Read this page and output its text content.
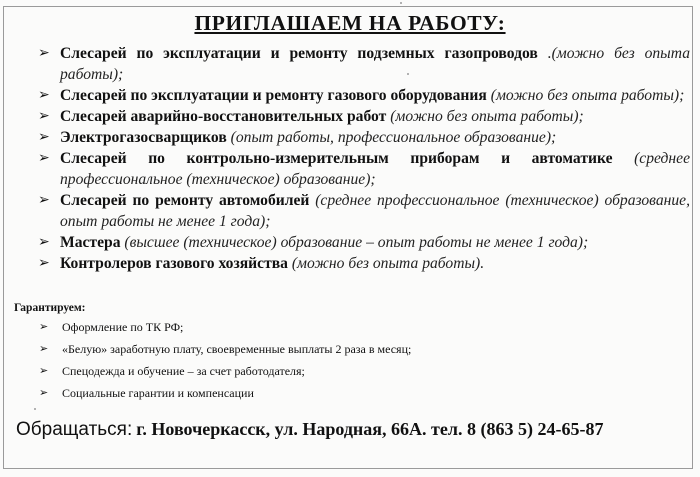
ПРИГЛАШАЕМ НА РАБОТУ:
➢ Слесарей по эксплуатации и ремонту подземных газопроводов .(можно без опыта работы);
➢ Слесарей по эксплуатации и ремонту газового оборудования (можно без опыта работы);
➢ Слесарей аварийно-восстановительных работ (можно без опыта работы);
➢ Электрогазосварщиков (опыт работы, профессиональное образование);
➢ Слесарей по контрольно-измерительным приборам и автоматике (среднее профессиональное (техническое) образование);
➢ Слесарей по ремонту автомобилей (среднее профессиональное (техническое) образование, опыт работы не менее 1 года);
➢ Мастера (высшее (техническое) образование – опыт работы не менее 1 года);
➢ Контролеров газового хозяйства (можно без опыта работы).
Гарантируем:
➢ Оформление по ТК РФ;
➢ «Белую» заработную плату, своевременные выплаты 2 раза в месяц;
➢ Спецодежда и обучение – за счет работодателя;
➢ Социальные гарантии и компенсации
Обращаться: г. Новочеркасск, ул. Народная, 66А. тел. 8 (863 5) 24-65-87
